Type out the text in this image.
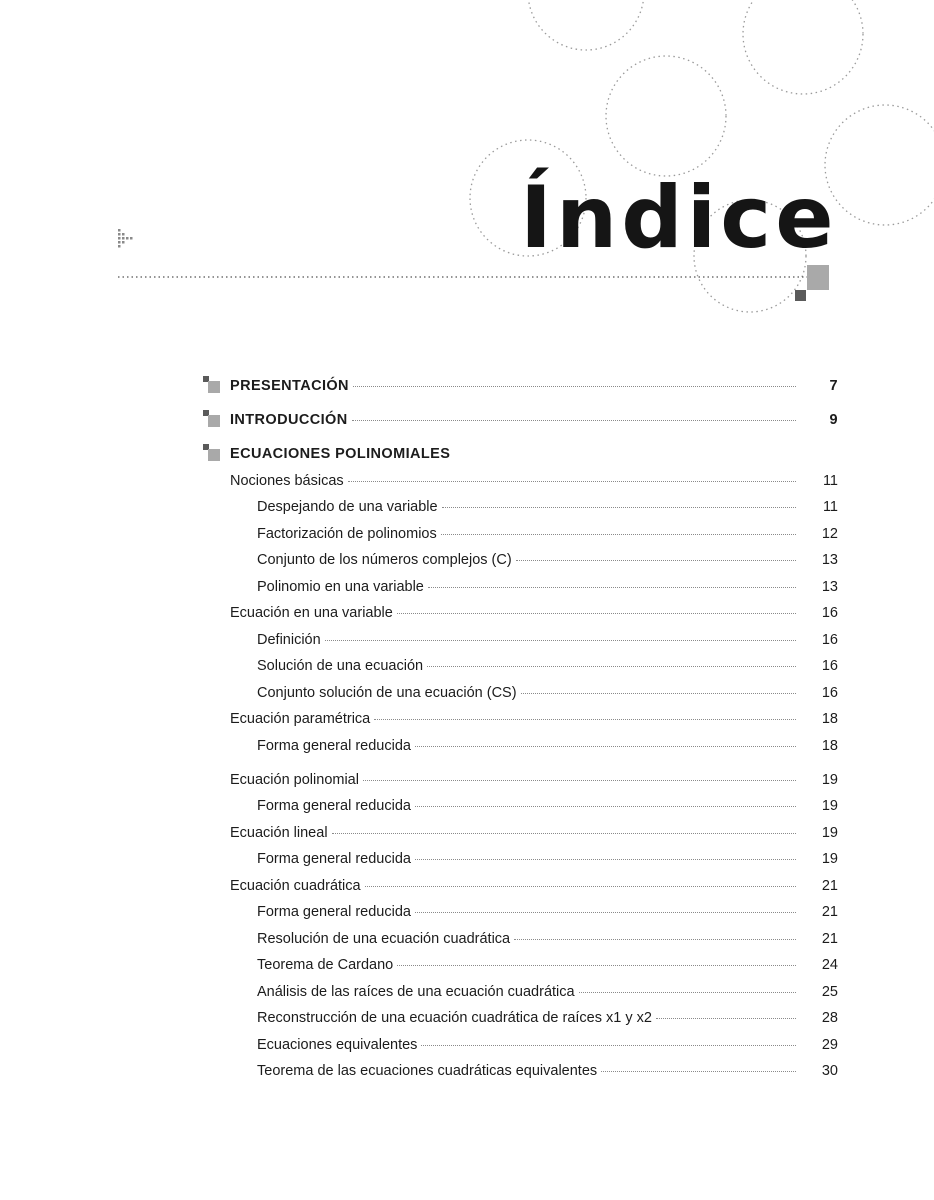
Índice
PRESENTACIÓN	7
INTRODUCCIÓN	9
ECUACIONES POLINOMIALES
Nociones básicas	11
Despejando de una variable	11
Factorización de polinomios	12
Conjunto de los números complejos (C)	13
Polinomio en una variable	13
Ecuación en una variable	16
Definición	16
Solución de una ecuación	16
Conjunto solución de una ecuación (CS)	16
Ecuación paramétrica	18
Forma general reducida	18
Ecuación polinomial	19
Forma general reducida	19
Ecuación lineal	19
Forma general reducida	19
Ecuación cuadrática	21
Forma general reducida	21
Resolución de una ecuación cuadrática	21
Teorema de Cardano	24
Análisis de las raíces de una ecuación cuadrática	25
Reconstrucción de una ecuación cuadrática de raíces x1 y x2	28
Ecuaciones equivalentes	29
Teorema de las ecuaciones cuadráticas equivalentes	30
